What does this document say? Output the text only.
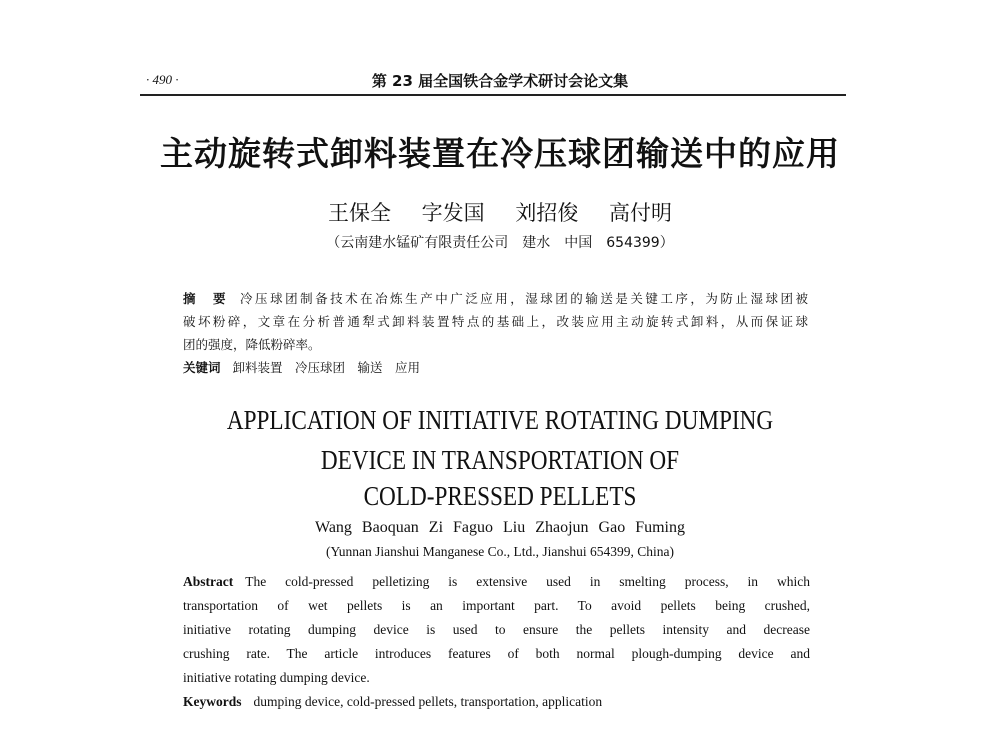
· 490 ·	第 23 届全国铁合金学术研讨会论文集
主动旋转式卸料装置在冷压球团输送中的应用
王保全 字发国 刘招俊 高付明
（云南建水锰矿有限责任公司　建水　中国　654399）
摘　要 冷压球团制备技术在冶炼生产中广泛应用，湿球团的输送是关键工序，为防止湿球团被
破坏粉碎，文章在分析普通犁式卸料装置特点的基础上，改装应用主动旋转式卸料，从而保证球
团的强度，降低粉碎率。
关键词 卸料装置　冷压球团　输送　应用
APPLICATION OF INITIATIVE ROTATING DUMPING
DEVICE IN TRANSPORTATION OF
COLD-PRESSED PELLETS
Wang Baoquan Zi Faguo Liu Zhaojun Gao Fuming
(Yunnan Jianshui Manganese Co., Ltd., Jianshui 654399, China)
Abstract The cold-pressed pelletizing is extensive used in smelting process, in which
transportation of wet pellets is an important part. To avoid pellets being crushed,
initiative rotating dumping device is used to ensure the pellets intensity and decrease
crushing rate. The article introduces features of both normal plough-dumping device and
initiative rotating dumping device.
Keywords dumping device, cold-pressed pellets, transportation, application
